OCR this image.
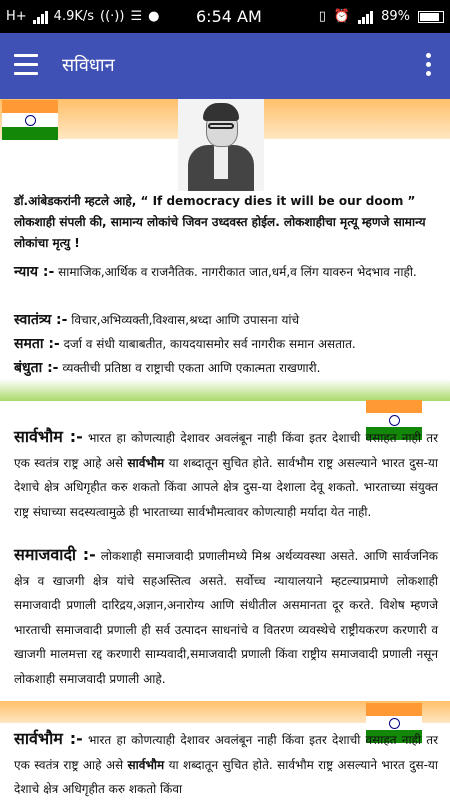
H+ 4.9K/s ((·)) ☰ ● 6:54 AM	▯ ⏰ 89%
सविधान
डॉ.आंबेडकरांनी म्हटले आहे, “ If democracy dies it will be our doom ”
लोकशाही संपली की, सामान्य लोकांचे जिवन उध्दवस्त होईल. लोकशाहीचा मृत्यू म्हणजे सामान्य लोकांचा मृत्यु !
न्याय :- सामाजिक,आर्थिक व राजनैतिक. नागरीकात जात,धर्म,व लिंग यावरुन भेदभाव नाही.
स्वातंत्र्य :- विचार,अभिव्यक्ती,विश्वास,श्रध्दा आणि उपासना यांचे
समता :- दर्जा व संधी याबाबतीत, कायदयासमोर सर्व नागरीक समान असतात.
बंधुता :- व्यक्तीची प्रतिष्ठा व राष्ट्राची एकता आणि एकात्मता राखणारी.
सार्वभौम :- भारत हा कोणत्याही देशावर अवलंबून नाही किंवा इतर देशाची वसाहत नाही तर एक स्वतंत्र राष्ट्र आहे असे सार्वभौम या शब्दातून सुचित होते. सार्वभौम राष्ट्र असल्याने भारत दुस-या देशाचे क्षेत्र अधिगृहीत करु शकतो किंवा आपले क्षेत्र दुस-या देशाला देवू शकतो. भारताच्या संयुक्त राष्ट्र संघाच्या सदस्यत्वामुळे ही भारताच्या सार्वभौमत्वावर कोणत्याही मर्यादा येत नाही.
समाजवादी :- लोकशाही समाजवादी प्रणालीमध्ये मिश्र अर्थव्यवस्था असते. आणि सार्वजनिक क्षेत्र व खाजगी क्षेत्र यांचे सहअस्तित्व असते. सर्वोच्च न्यायालयाने म्हटल्याप्रमाणे लोकशाही समाजवादी प्रणाली दारिद्रय,अज्ञान,अनारोग्य आणि संधीतील असमानता दूर करते. विशेष म्हणजे भारताची समाजवादी प्रणाली ही सर्व उत्पादन साधनांचे व वितरण व्यवस्थेचे राष्ट्रीयकरण करणारी व खाजगी मालमत्ता रद्द करणारी साम्यवादी,समाजवादी प्रणाली किंवा राष्ट्रीय समाजवादी प्रणाली नसून लोकशाही समाजवादी प्रणाली आहे.
सार्वभौम :- भारत हा कोणत्याही देशावर अवलंबून नाही किंवा इतर देशाची वसाहत नाही तर एक स्वतंत्र राष्ट्र आहे असे सार्वभौम या शब्दातून सुचित होते. सार्वभौम राष्ट्र असल्याने भारत दुस-या देशाचे क्षेत्र अधिगृहीत करु शकतो किंवा
